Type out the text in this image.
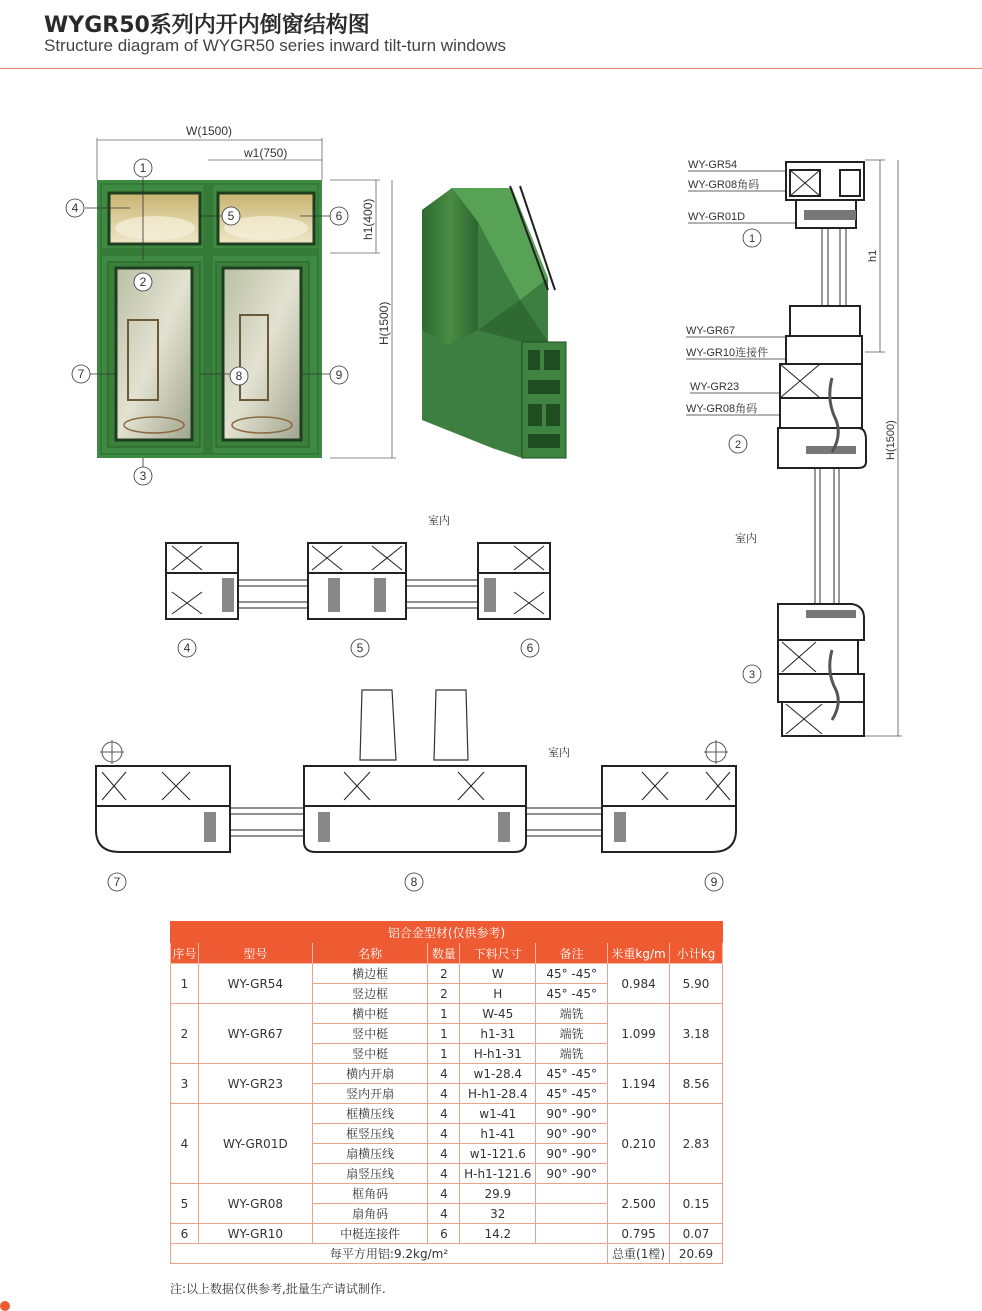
WYGR50系列内开内倒窗结构图
Structure diagram of WYGR50 series inward tilt-turn windows
W(1500)
w1(750)
h1(400)
H(1500)
1
2
3
4
5	6
7	8	9
WY-GR54
WY-GR08角码
WY-GR01D
WY-GR67
WY-GR10连接件
WY-GR23
WY-GR08角码
1
2
3
室内
h1
H(1500)
室内
4	5	6
室内
7	8	9
铝合金型材(仅供参考)							
序号	型号	名称	数量	下料尺寸	备注	米重kg/m	小计kg
1	WY-GR54	横边框	2	W	45° -45°	0.984	5.90
		竖边框	2	H	45° -45°		
2	WY-GR67	横中梃	1	W-45	端铣	1.099	3.18
		竖中梃	1	h1-31	端铣		
		竖中梃	1	H-h1-31	端铣		
3	WY-GR23	横内开扇	4	w1-28.4	45° -45°	1.194	8.56
		竖内开扇	4	H-h1-28.4	45° -45°		
4	WY-GR01D	框横压线	4	w1-41	90° -90°	0.210	2.83
		框竖压线	4	h1-41	90° -90°		
		扇横压线	4	w1-121.6	90° -90°		
		扇竖压线	4	H-h1-121.6	90° -90°		
5	WY-GR08	框角码	4	29.9		2.500	0.15
		扇角码	4	32			
6	WY-GR10	中梃连接件	6	14.2		0.795	0.07
每平方用铝:9.2kg/m²						总重(1樘)	20.69
注:以上数据仅供参考,批量生产请试制作.
